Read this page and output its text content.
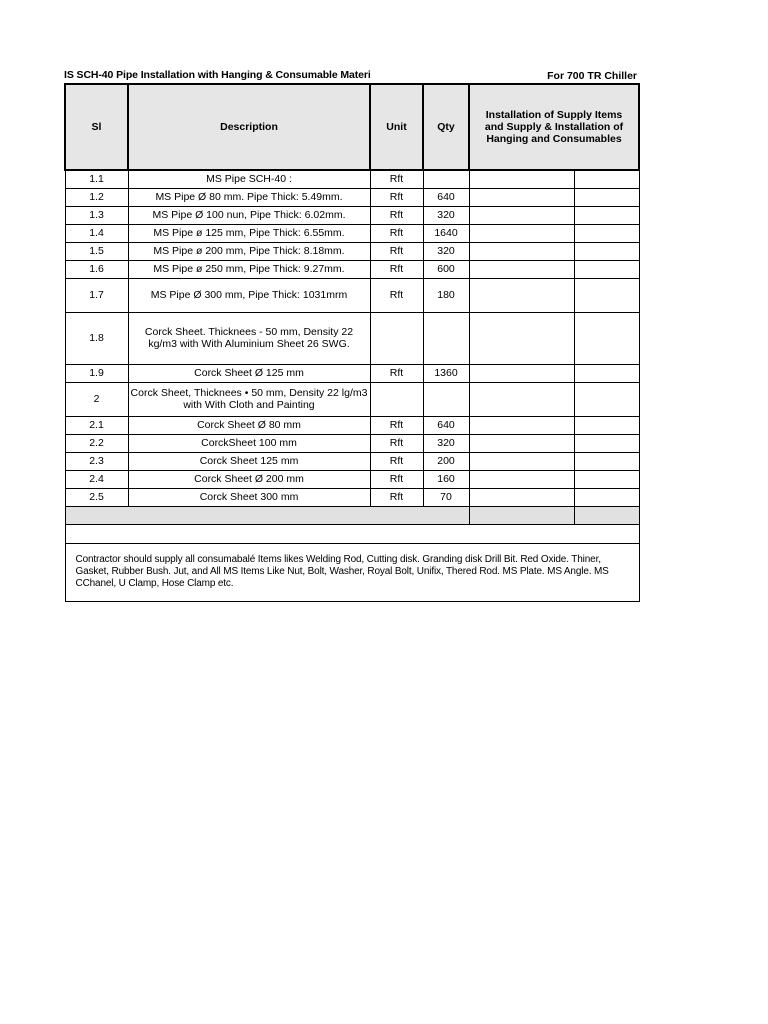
IS SCH-40 Pipe Installation with Hanging & Consumable Materi	For 700 TR Chiller
Sl	Description	Unit	Qty	Installation of Supply Items and Supply & Installation of Hanging and Consumables	
1.1	MS Pipe SCH-40 :	Rft			
1.2	MS Pipe Ø 80 mm. Pipe Thick: 5.49mm.	Rft	640		
1.3	MS Pipe Ø 100 nun, Pipe Thick: 6.02mm.	Rft	320		
1.4	MS Pipe ø 125 mm, Pipe Thick: 6.55mm.	Rft	1640		
1.5	MS Pipe ø 200 mm, Pipe Thick: 8.18mm.	Rft	320		
1.6	MS Pipe ø 250 mm, Pipe Thick: 9.27mm.	Rft	600		
1.7	MS Pipe Ø 300 mm, Pipe Thick: 1031mrm	Rft	180		
1.8	Corck Sheet. Thicknees - 50 mm, Density 22 kg/m3 with With Aluminium Sheet 26 SWG.				
1.9	Corck Sheet Ø 125 mm	Rft	1360		
2	Corck Sheet, Thicknees • 50 mm, Density 22 lg/m3 with With Cloth and Painting				
2.1	Corck Sheet Ø 80 mm	Rft	640		
2.2	CorckSheet 100 mm	Rft	320		
2.3	Corck Sheet 125 mm	Rft	200		
2.4	Corck Sheet Ø 200 mm	Rft	160		
2.5	Corck Sheet 300 mm	Rft	70		

Contractor should supply all consumabalé Items likes Welding Rod, Cutting disk. Granding disk Drill Bit. Red Oxide. Thiner, Gasket, Rubber Bush. Jut, and All MS Items Like Nut, Bolt, Washer, Royal Bolt, Unifix, Thered Rod. MS Plate. MS Angle. MS CChanel, U Clamp, Hose Clamp etc.					
